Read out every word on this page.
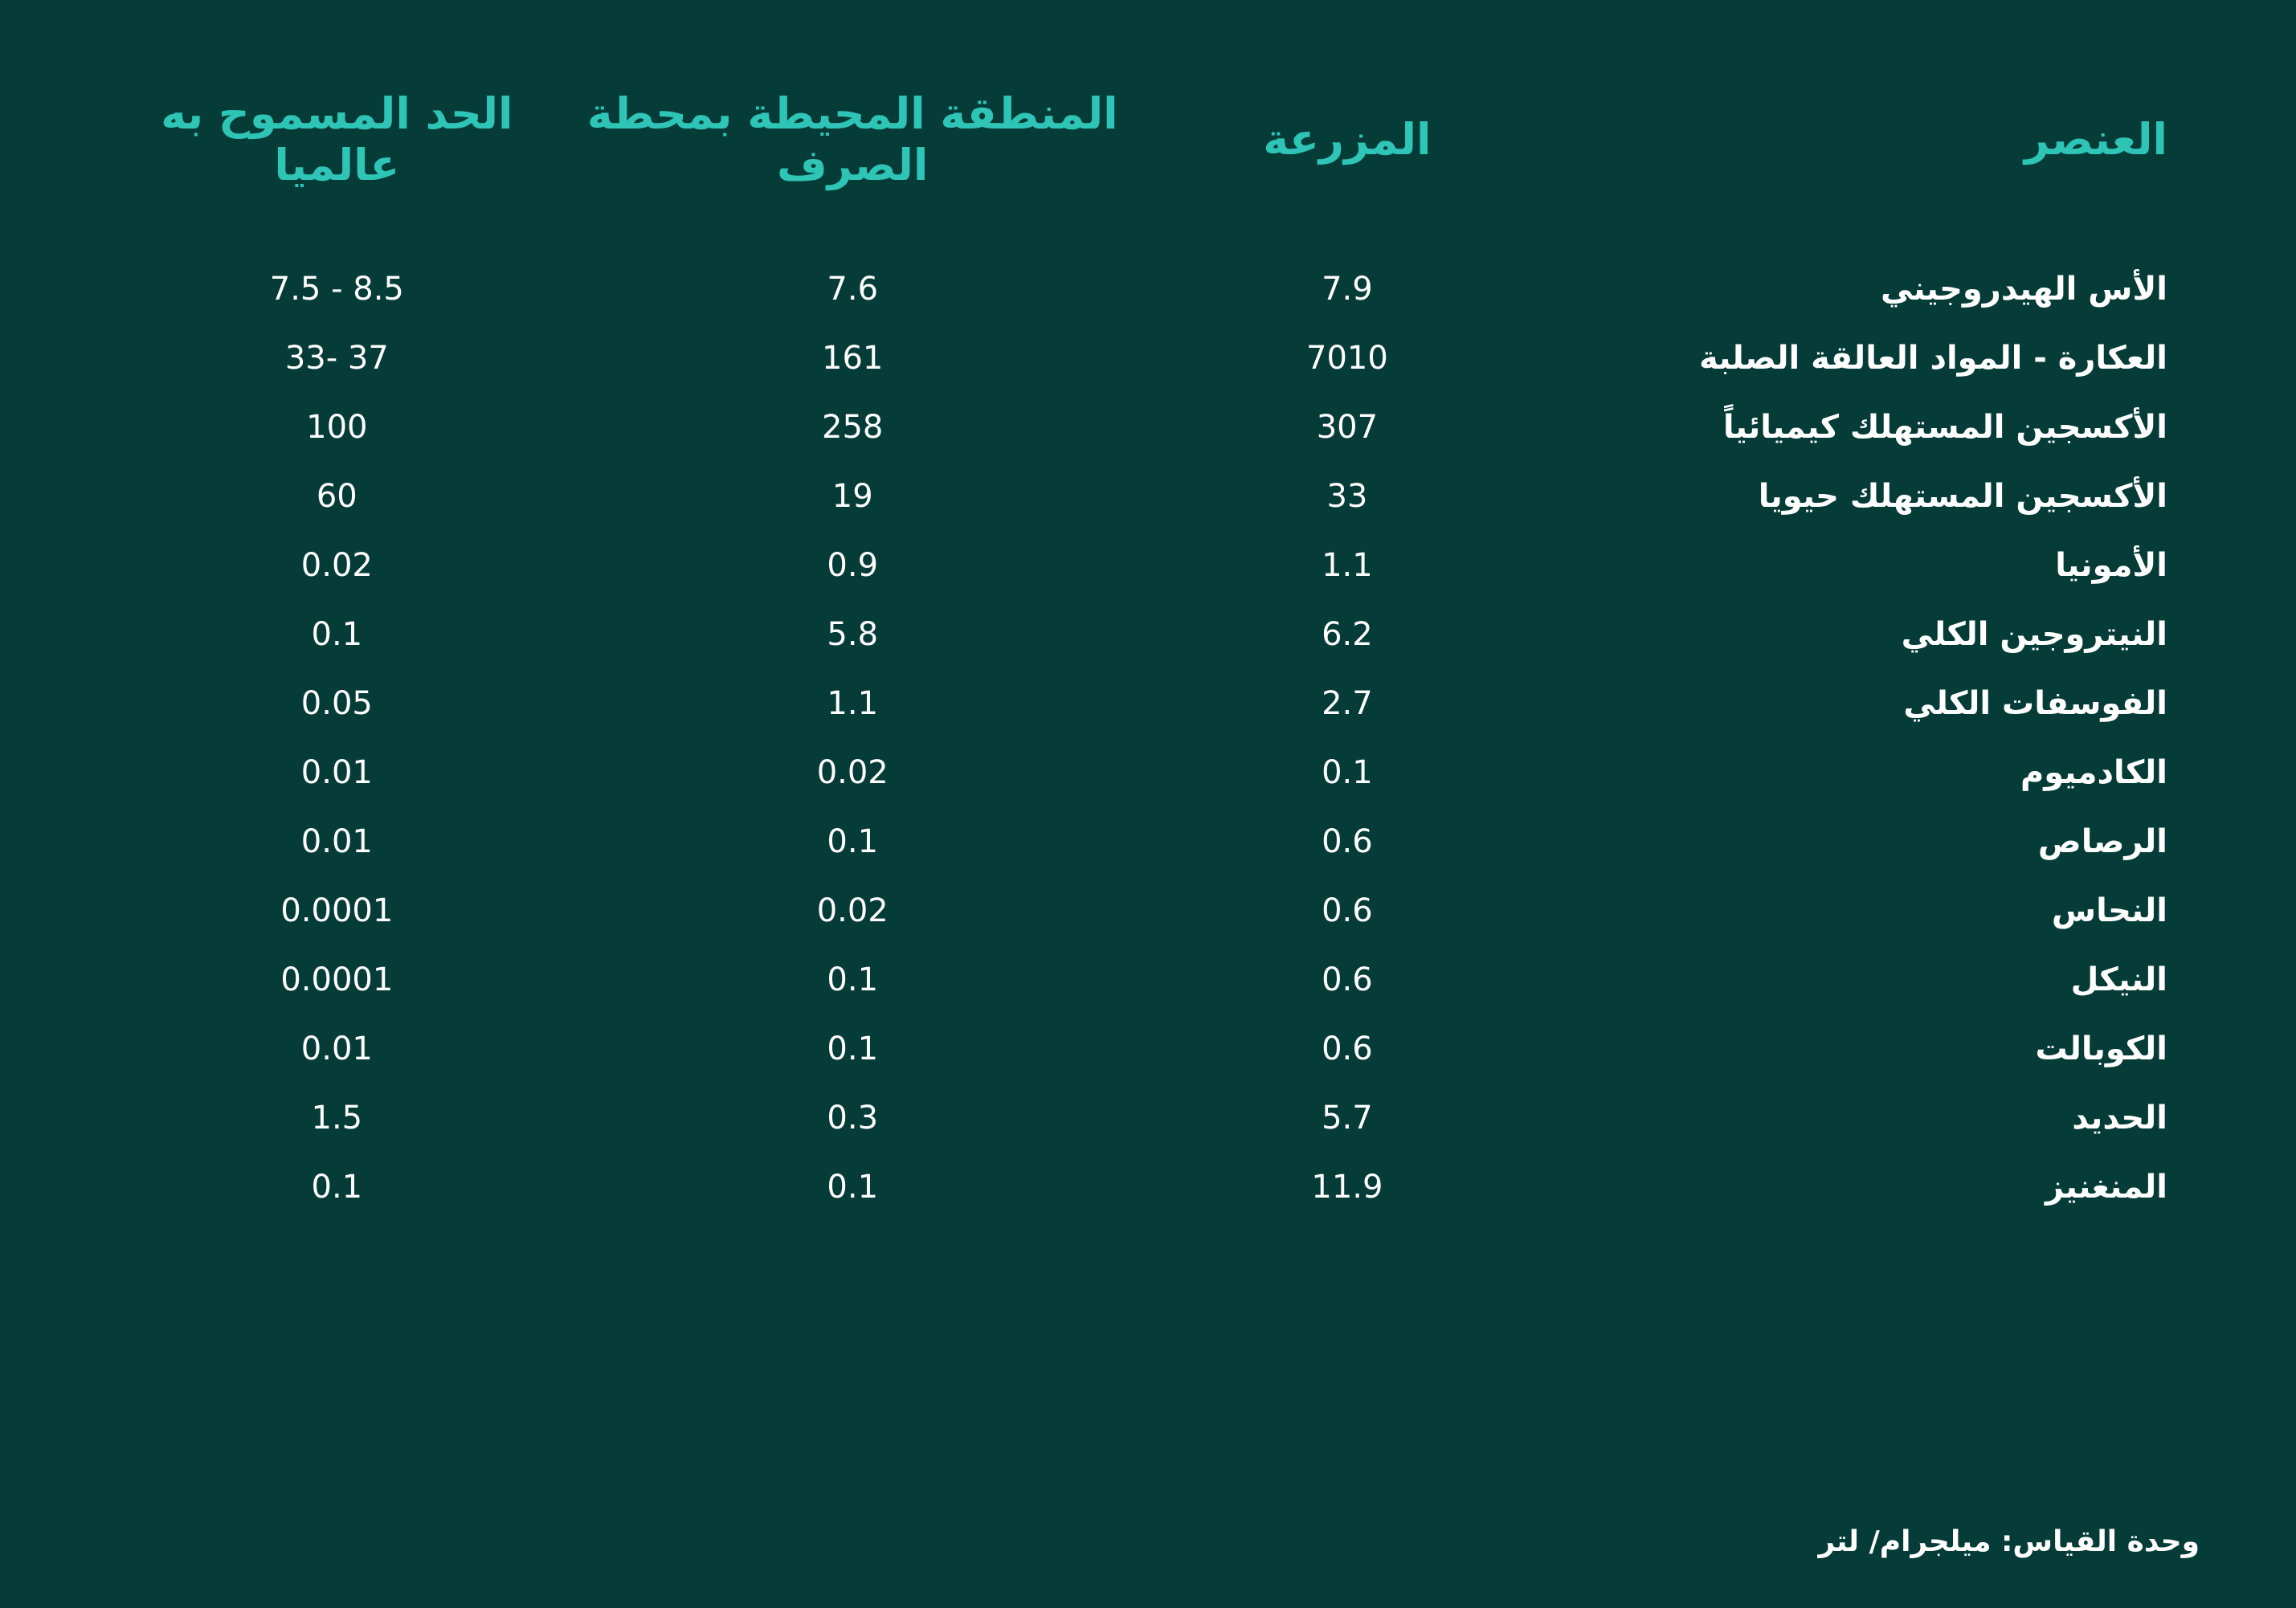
العنصر	المزرعة	المنطقة المحيطة بمحطة الصرف	الحد المسموح به عالميا
الأس الهيدروجيني	7.9	7.6	7.5 - 8.5
العكارة - المواد العالقة الصلبة	7010	161	33- 37
الأكسجين المستهلك كيميائياً	307	258	100
الأكسجين المستهلك حيويا	33	19	60
الأمونيا	1.1	0.9	0.02
النيتروجين الكلي	6.2	5.8	0.1
الفوسفات الكلي	2.7	1.1	0.05
الكادميوم	0.1	0.02	0.01
الرصاص	0.6	0.1	0.01
النحاس	0.6	0.02	0.0001
النيكل	0.6	0.1	0.0001
الكوبالت	0.6	0.1	0.01
الحديد	5.7	0.3	1.5
المنغنيز	11.9	0.1	0.1
وحدة القياس: ميلجرام/ لتر
